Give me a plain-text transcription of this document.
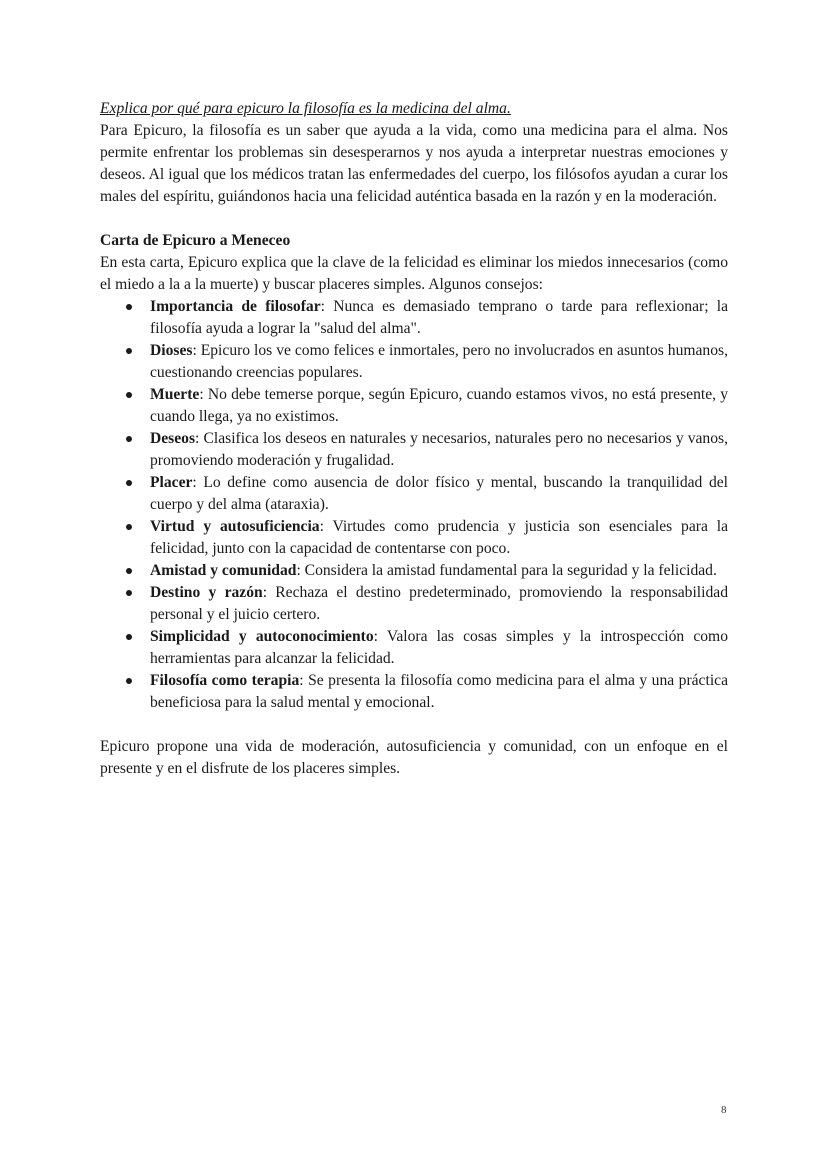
Explica por qué para epicuro la filosofía es la medicina del alma.

Para Epicuro, la filosofía es un saber que ayuda a la vida, como una medicina para el alma. Nos permite enfrentar los problemas sin desesperarnos y nos ayuda a interpretar nuestras emociones y deseos. Al igual que los médicos tratan las enfermedades del cuerpo, los filósofos ayudan a curar los males del espíritu, guiándonos hacia una felicidad auténtica basada en la razón y en la moderación.

Carta de Epicuro a Meneceo

En esta carta, Epicuro explica que la clave de la felicidad es eliminar los miedos innecesarios (como el miedo a la a la muerte) y buscar placeres simples. Algunos consejos:

Importancia de filosofar: Nunca es demasiado temprano o tarde para reflexionar; la filosofía ayuda a lograr la "salud del alma".
Dioses: Epicuro los ve como felices e inmortales, pero no involucrados en asuntos humanos, cuestionando creencias populares.
Muerte: No debe temerse porque, según Epicuro, cuando estamos vivos, no está presente, y cuando llega, ya no existimos.
Deseos: Clasifica los deseos en naturales y necesarios, naturales pero no necesarios y vanos, promoviendo moderación y frugalidad.
Placer: Lo define como ausencia de dolor físico y mental, buscando la tranquilidad del cuerpo y del alma (ataraxia).
Virtud y autosuficiencia: Virtudes como prudencia y justicia son esenciales para la felicidad, junto con la capacidad de contentarse con poco.
Amistad y comunidad: Considera la amistad fundamental para la seguridad y la felicidad.
Destino y razón: Rechaza el destino predeterminado, promoviendo la responsabilidad personal y el juicio certero.
Simplicidad y autoconocimiento: Valora las cosas simples y la introspección como herramientas para alcanzar la felicidad.
Filosofía como terapia: Se presenta la filosofía como medicina para el alma y una práctica beneficiosa para la salud mental y emocional.

Epicuro propone una vida de moderación, autosuficiencia y comunidad, con un enfoque en el presente y en el disfrute de los placeres simples.

8
